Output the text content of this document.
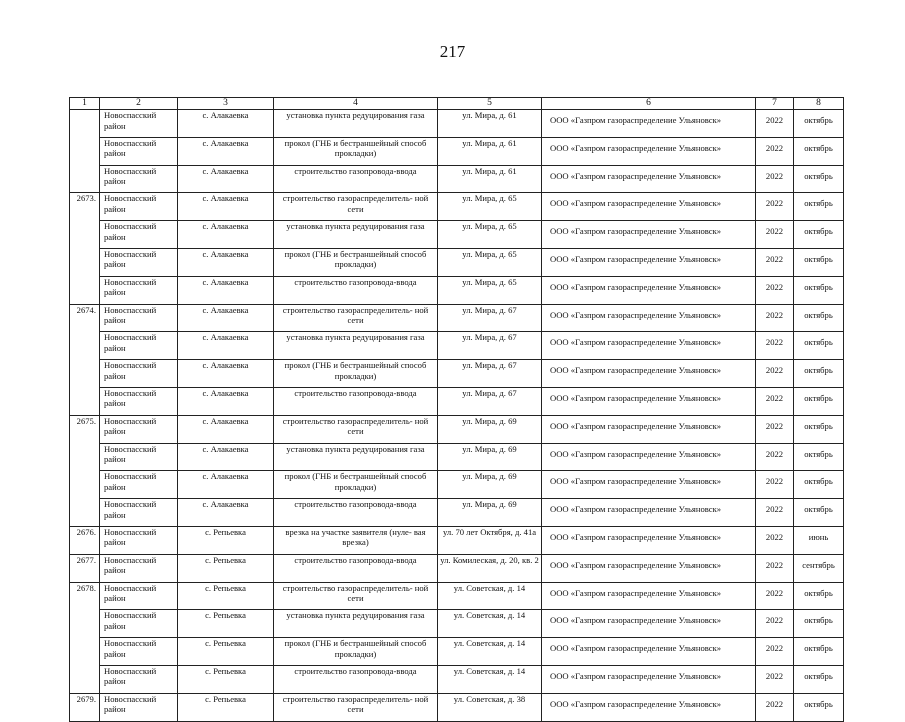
217
1	2	3	4	5	6	7	8
	Новоспасский район	с. Алакаевка	установка пункта редуцирования газа	ул. Мира, д. 61	ООО «Газпром газораспределение Ульяновск»	2022	октябрь
	Новоспасский район	с. Алакаевка	прокол (ГНБ и бестраншейный способ прокладки)	ул. Мира, д. 61	ООО «Газпром газораспределение Ульяновск»	2022	октябрь
	Новоспасский район	с. Алакаевка	строительство газопровода-ввода	ул. Мира, д. 61	ООО «Газпром газораспределение Ульяновск»	2022	октябрь
2673.	Новоспасский район	с. Алакаевка	строительство газораспределитель- ной сети	ул. Мира, д. 65	ООО «Газпром газораспределение Ульяновск»	2022	октябрь
	Новоспасский район	с. Алакаевка	установка пункта редуцирования газа	ул. Мира, д. 65	ООО «Газпром газораспределение Ульяновск»	2022	октябрь
	Новоспасский район	с. Алакаевка	прокол (ГНБ и бестраншейный способ прокладки)	ул. Мира, д. 65	ООО «Газпром газораспределение Ульяновск»	2022	октябрь
	Новоспасский район	с. Алакаевка	строительство газопровода-ввода	ул. Мира, д. 65	ООО «Газпром газораспределение Ульяновск»	2022	октябрь
2674.	Новоспасский район	с. Алакаевка	строительство газораспределитель- ной сети	ул. Мира, д. 67	ООО «Газпром газораспределение Ульяновск»	2022	октябрь
	Новоспасский район	с. Алакаевка	установка пункта редуцирования газа	ул. Мира, д. 67	ООО «Газпром газораспределение Ульяновск»	2022	октябрь
	Новоспасский район	с. Алакаевка	прокол (ГНБ и бестраншейный способ прокладки)	ул. Мира, д. 67	ООО «Газпром газораспределение Ульяновск»	2022	октябрь
	Новоспасский район	с. Алакаевка	строительство газопровода-ввода	ул. Мира, д. 67	ООО «Газпром газораспределение Ульяновск»	2022	октябрь
2675.	Новоспасский район	с. Алакаевка	строительство газораспределитель- ной сети	ул. Мира, д. 69	ООО «Газпром газораспределение Ульяновск»	2022	октябрь
	Новоспасский район	с. Алакаевка	установка пункта редуцирования газа	ул. Мира, д. 69	ООО «Газпром газораспределение Ульяновск»	2022	октябрь
	Новоспасский район	с. Алакаевка	прокол (ГНБ и бестраншейный способ прокладки)	ул. Мира, д. 69	ООО «Газпром газораспределение Ульяновск»	2022	октябрь
	Новоспасский район	с. Алакаевка	строительство газопровода-ввода	ул. Мира, д. 69	ООО «Газпром газораспределение Ульяновск»	2022	октябрь
2676.	Новоспасский район	с. Репьевка	врезка на участке заявителя (нуле- вая врезка)	ул. 70 лет Октября, д. 41а	ООО «Газпром газораспределение Ульяновск»	2022	июнь
2677.	Новоспасский район	с. Репьевка	строительство газопровода-ввода	ул. Комилеская, д. 20, кв. 2	ООО «Газпром газораспределение Ульяновск»	2022	сентябрь
2678.	Новоспасский район	с. Репьевка	строительство газораспределитель- ной сети	ул. Советская, д. 14	ООО «Газпром газораспределение Ульяновск»	2022	октябрь
	Новоспасский район	с. Репьевка	установка пункта редуцирования газа	ул. Советская, д. 14	ООО «Газпром газораспределение Ульяновск»	2022	октябрь
	Новоспасский район	с. Репьевка	прокол (ГНБ и бестраншейный способ прокладки)	ул. Советская, д. 14	ООО «Газпром газораспределение Ульяновск»	2022	октябрь
	Новоспасский район	с. Репьевка	строительство газопровода-ввода	ул. Советская, д. 14	ООО «Газпром газораспределение Ульяновск»	2022	октябрь
2679.	Новоспасский район	с. Репьевка	строительство газораспределитель- ной сети	ул. Советская, д. 38	ООО «Газпром газораспределение Ульяновск»	2022	октябрь
